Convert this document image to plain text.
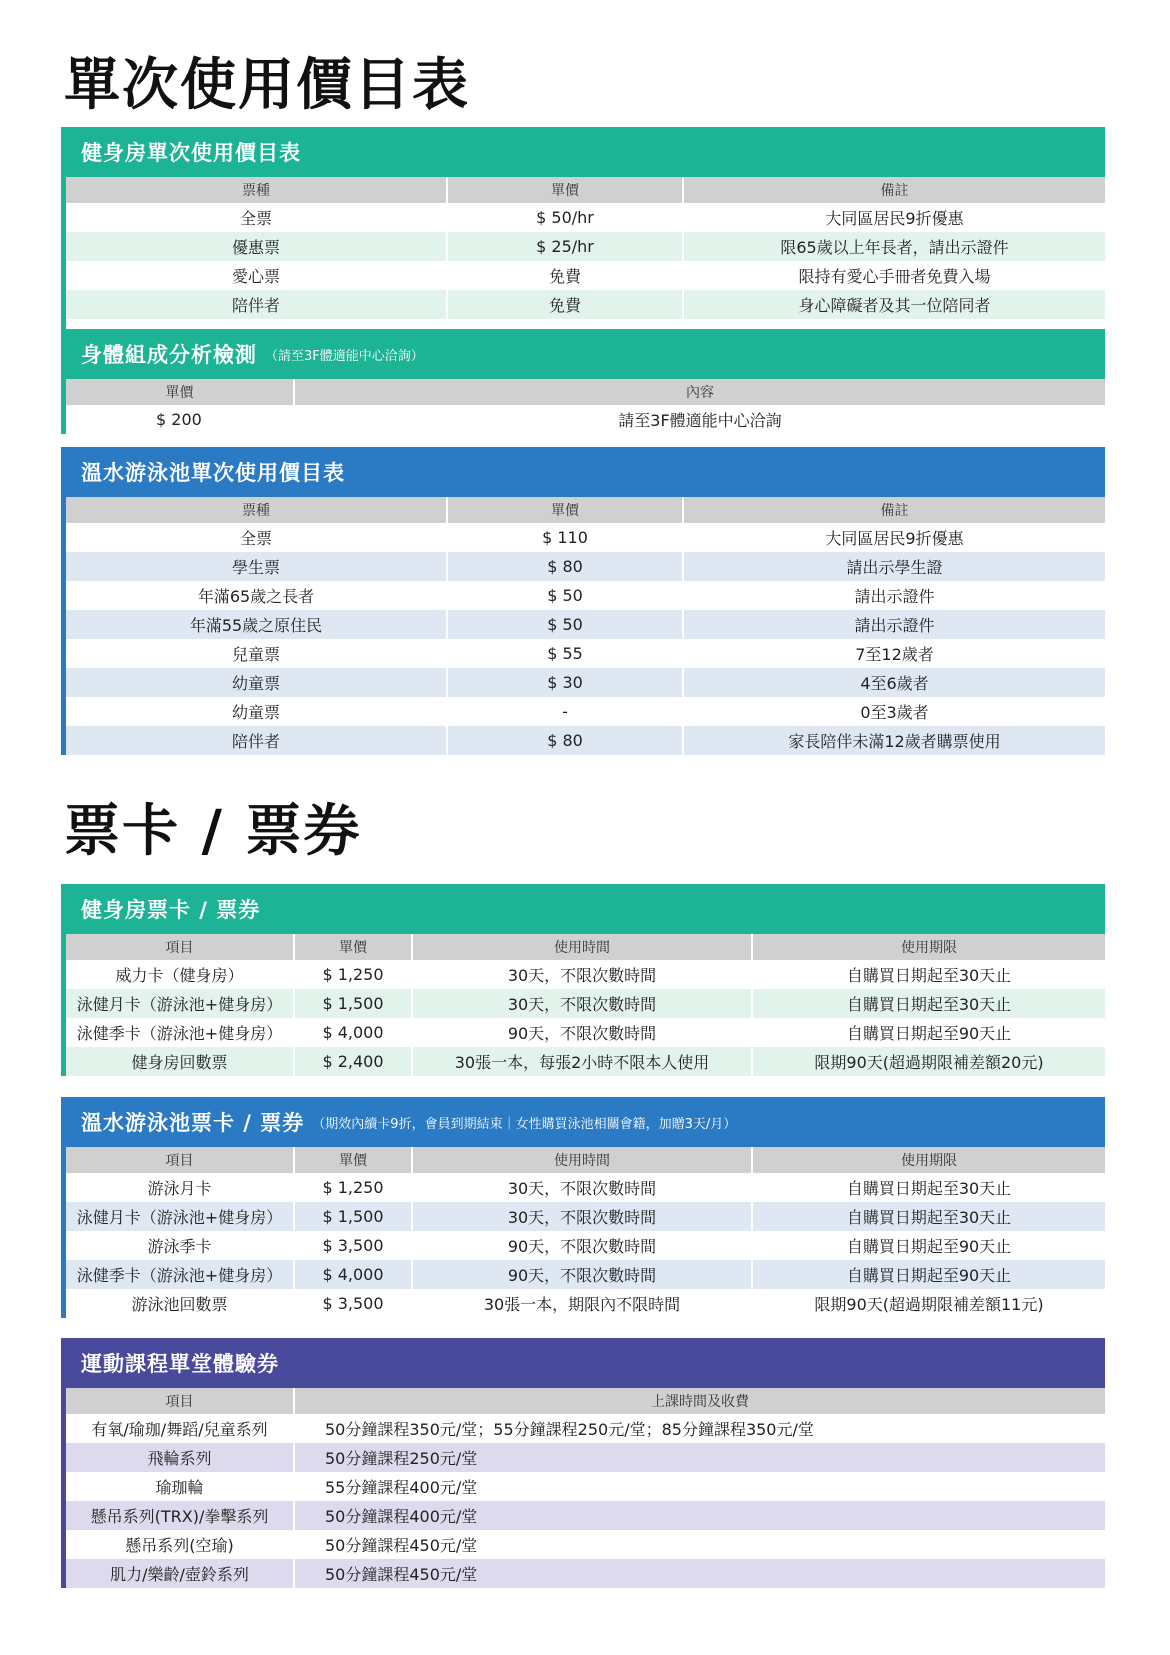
單次使用價目表
健身房單次使用價目表
票種	單價	備註
全票	$ 50/hr	大同區居民9折優惠
優惠票	$ 25/hr	限65歲以上年長者，請出示證件
愛心票	免費	限持有愛心手冊者免費入場
陪伴者	免費	身心障礙者及其一位陪同者

身體組成分析檢測 （請至3F體適能中心洽詢）
單價	內容
$ 200	請至3F體適能中心洽詢
溫水游泳池單次使用價目表
票種	單價	備註
全票	$ 110	大同區居民9折優惠
學生票	$ 80	請出示學生證
年滿65歲之長者	$ 50	請出示證件
年滿55歲之原住民	$ 50	請出示證件
兒童票	$ 55	7至12歲者
幼童票	$ 30	4至6歲者
幼童票	-	0至3歲者
陪伴者	$ 80	家長陪伴未滿12歲者購票使用
票卡 / 票券
健身房票卡 / 票券
項目	單價	使用時間	使用期限
威力卡（健身房）	$ 1,250	30天，不限次數時間	自購買日期起至30天止
泳健月卡（游泳池+健身房）	$ 1,500	30天，不限次數時間	自購買日期起至30天止
泳健季卡（游泳池+健身房）	$ 4,000	90天，不限次數時間	自購買日期起至90天止
健身房回數票	$ 2,400	30張一本，每張2小時不限本人使用	限期90天(超過期限補差額20元)
溫水游泳池票卡 / 票券 （期效內續卡9折，會員到期結束｜女性購買泳池相關會籍，加贈3天/月）
項目	單價	使用時間	使用期限
游泳月卡	$ 1,250	30天，不限次數時間	自購買日期起至30天止
泳健月卡（游泳池+健身房）	$ 1,500	30天，不限次數時間	自購買日期起至30天止
游泳季卡	$ 3,500	90天，不限次數時間	自購買日期起至90天止
泳健季卡（游泳池+健身房）	$ 4,000	90天，不限次數時間	自購買日期起至90天止
游泳池回數票	$ 3,500	30張一本，期限內不限時間	限期90天(超過期限補差額11元)
運動課程單堂體驗券
項目	上課時間及收費
有氧/瑜珈/舞蹈/兒童系列	50分鐘課程350元/堂；55分鐘課程250元/堂；85分鐘課程350元/堂
飛輪系列	50分鐘課程250元/堂
瑜珈輪	55分鐘課程400元/堂
懸吊系列(TRX)/拳擊系列	50分鐘課程400元/堂
懸吊系列(空瑜)	50分鐘課程450元/堂
肌力/樂齡/壺鈴系列	50分鐘課程450元/堂
